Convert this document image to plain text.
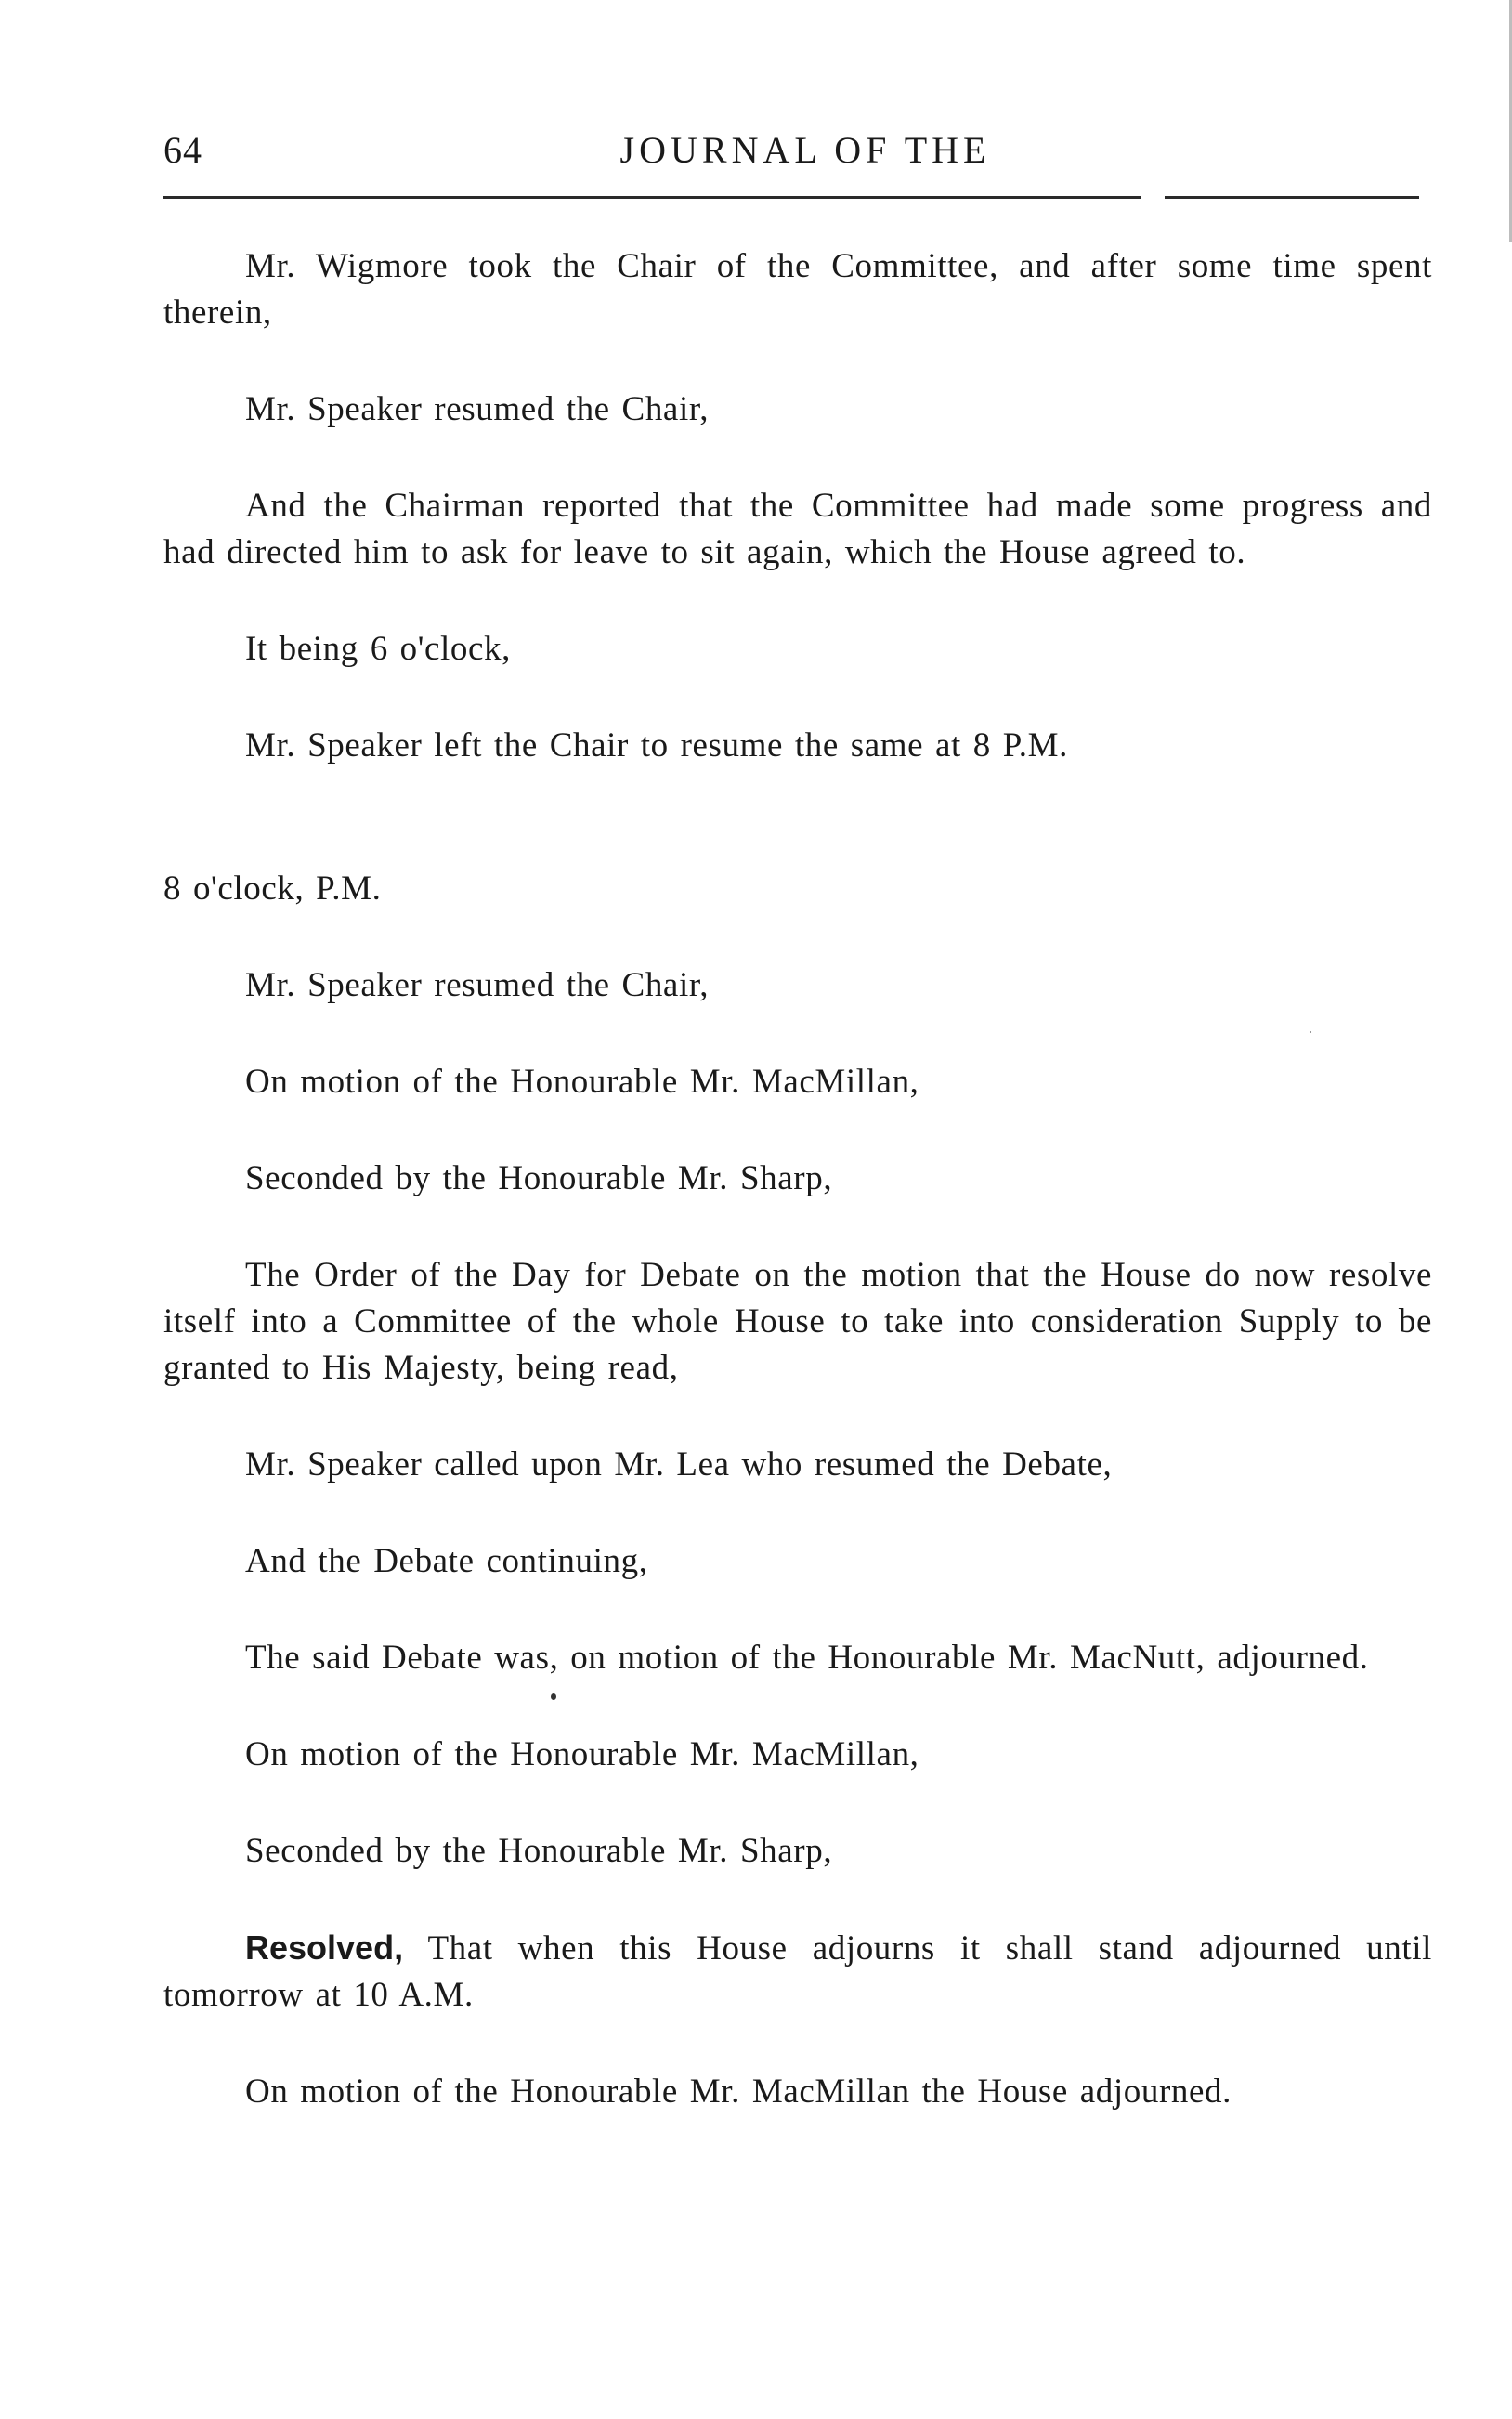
64	JOURNAL OF THE

Mr. Wigmore took the Chair of the Committee, and after some time spent therein,

Mr. Speaker resumed the Chair,

And the Chairman reported that the Committee had made some progress and had directed him to ask for leave to sit again, which the House agreed to.

It being 6 o'clock,

Mr. Speaker left the Chair to resume the same at 8 P.M.

8 o'clock, P.M.

Mr. Speaker resumed the Chair,

On motion of the Honourable Mr. MacMillan,

Seconded by the Honourable Mr. Sharp,

The Order of the Day for Debate on the motion that the House do now resolve itself into a Committee of the whole House to take into consideration Supply to be granted to His Majesty, being read,

Mr. Speaker called upon Mr. Lea who resumed the Debate,

And the Debate continuing,

The said Debate was, on motion of the Honourable Mr. MacNutt, adjourned.

On motion of the Honourable Mr. MacMillan,

Seconded by the Honourable Mr. Sharp,

Resolved, That when this House adjourns it shall stand adjourned until tomorrow at 10 A.M.

On motion of the Honourable Mr. MacMillan the House adjourned.
